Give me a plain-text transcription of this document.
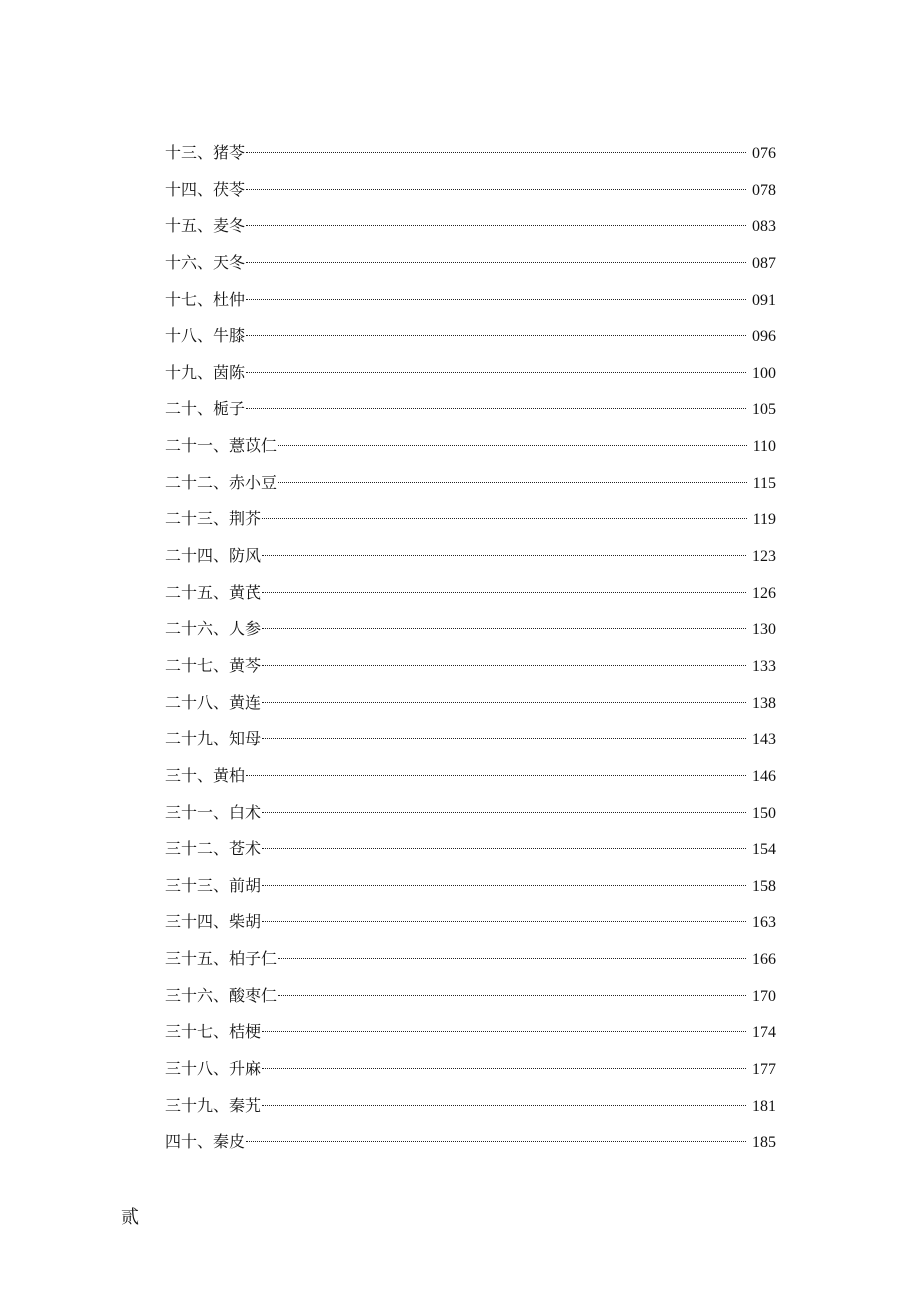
十三、猪苓	076
十四、茯苓	078
十五、麦冬	083
十六、天冬	087
十七、杜仲	091
十八、牛膝	096
十九、茵陈	100
二十、栀子	105
二十一、薏苡仁	110
二十二、赤小豆	115
二十三、荆芥	119
二十四、防风	123
二十五、黄芪	126
二十六、人参	130
二十七、黄芩	133
二十八、黄连	138
二十九、知母	143
三十、黄柏	146
三十一、白术	150
三十二、苍术	154
三十三、前胡	158
三十四、柴胡	163
三十五、柏子仁	166
三十六、酸枣仁	170
三十七、桔梗	174
三十八、升麻	177
三十九、秦艽	181
四十、秦皮	185
贰
